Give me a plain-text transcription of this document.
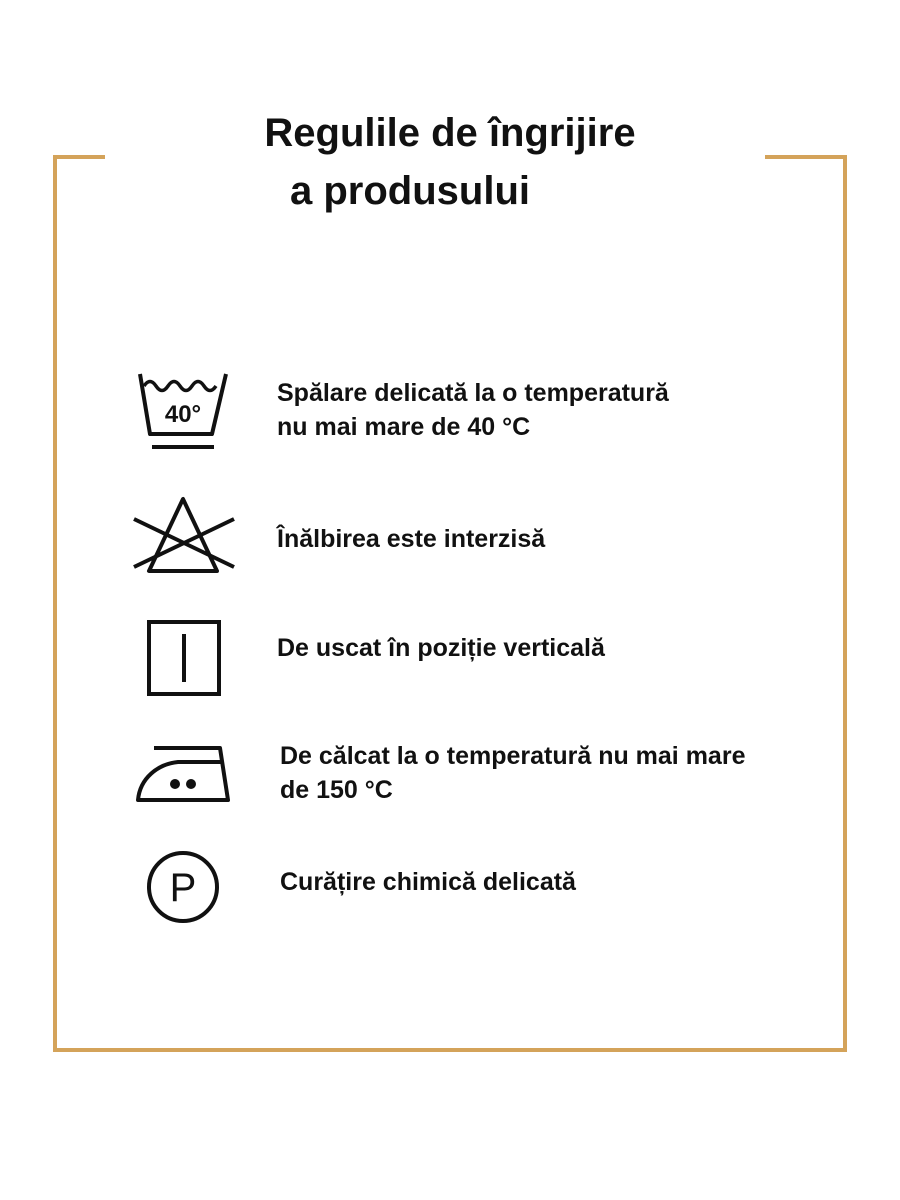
Regulile de îngrijire
a produsului
40°

Spălare delicată la o temperatură
nu mai mare de 40 °C

Înălbirea este interzisă

De uscat în poziție verticală

De călcat la o temperatură nu mai mare
de 150 °C

P	Curățire chimică delicată
